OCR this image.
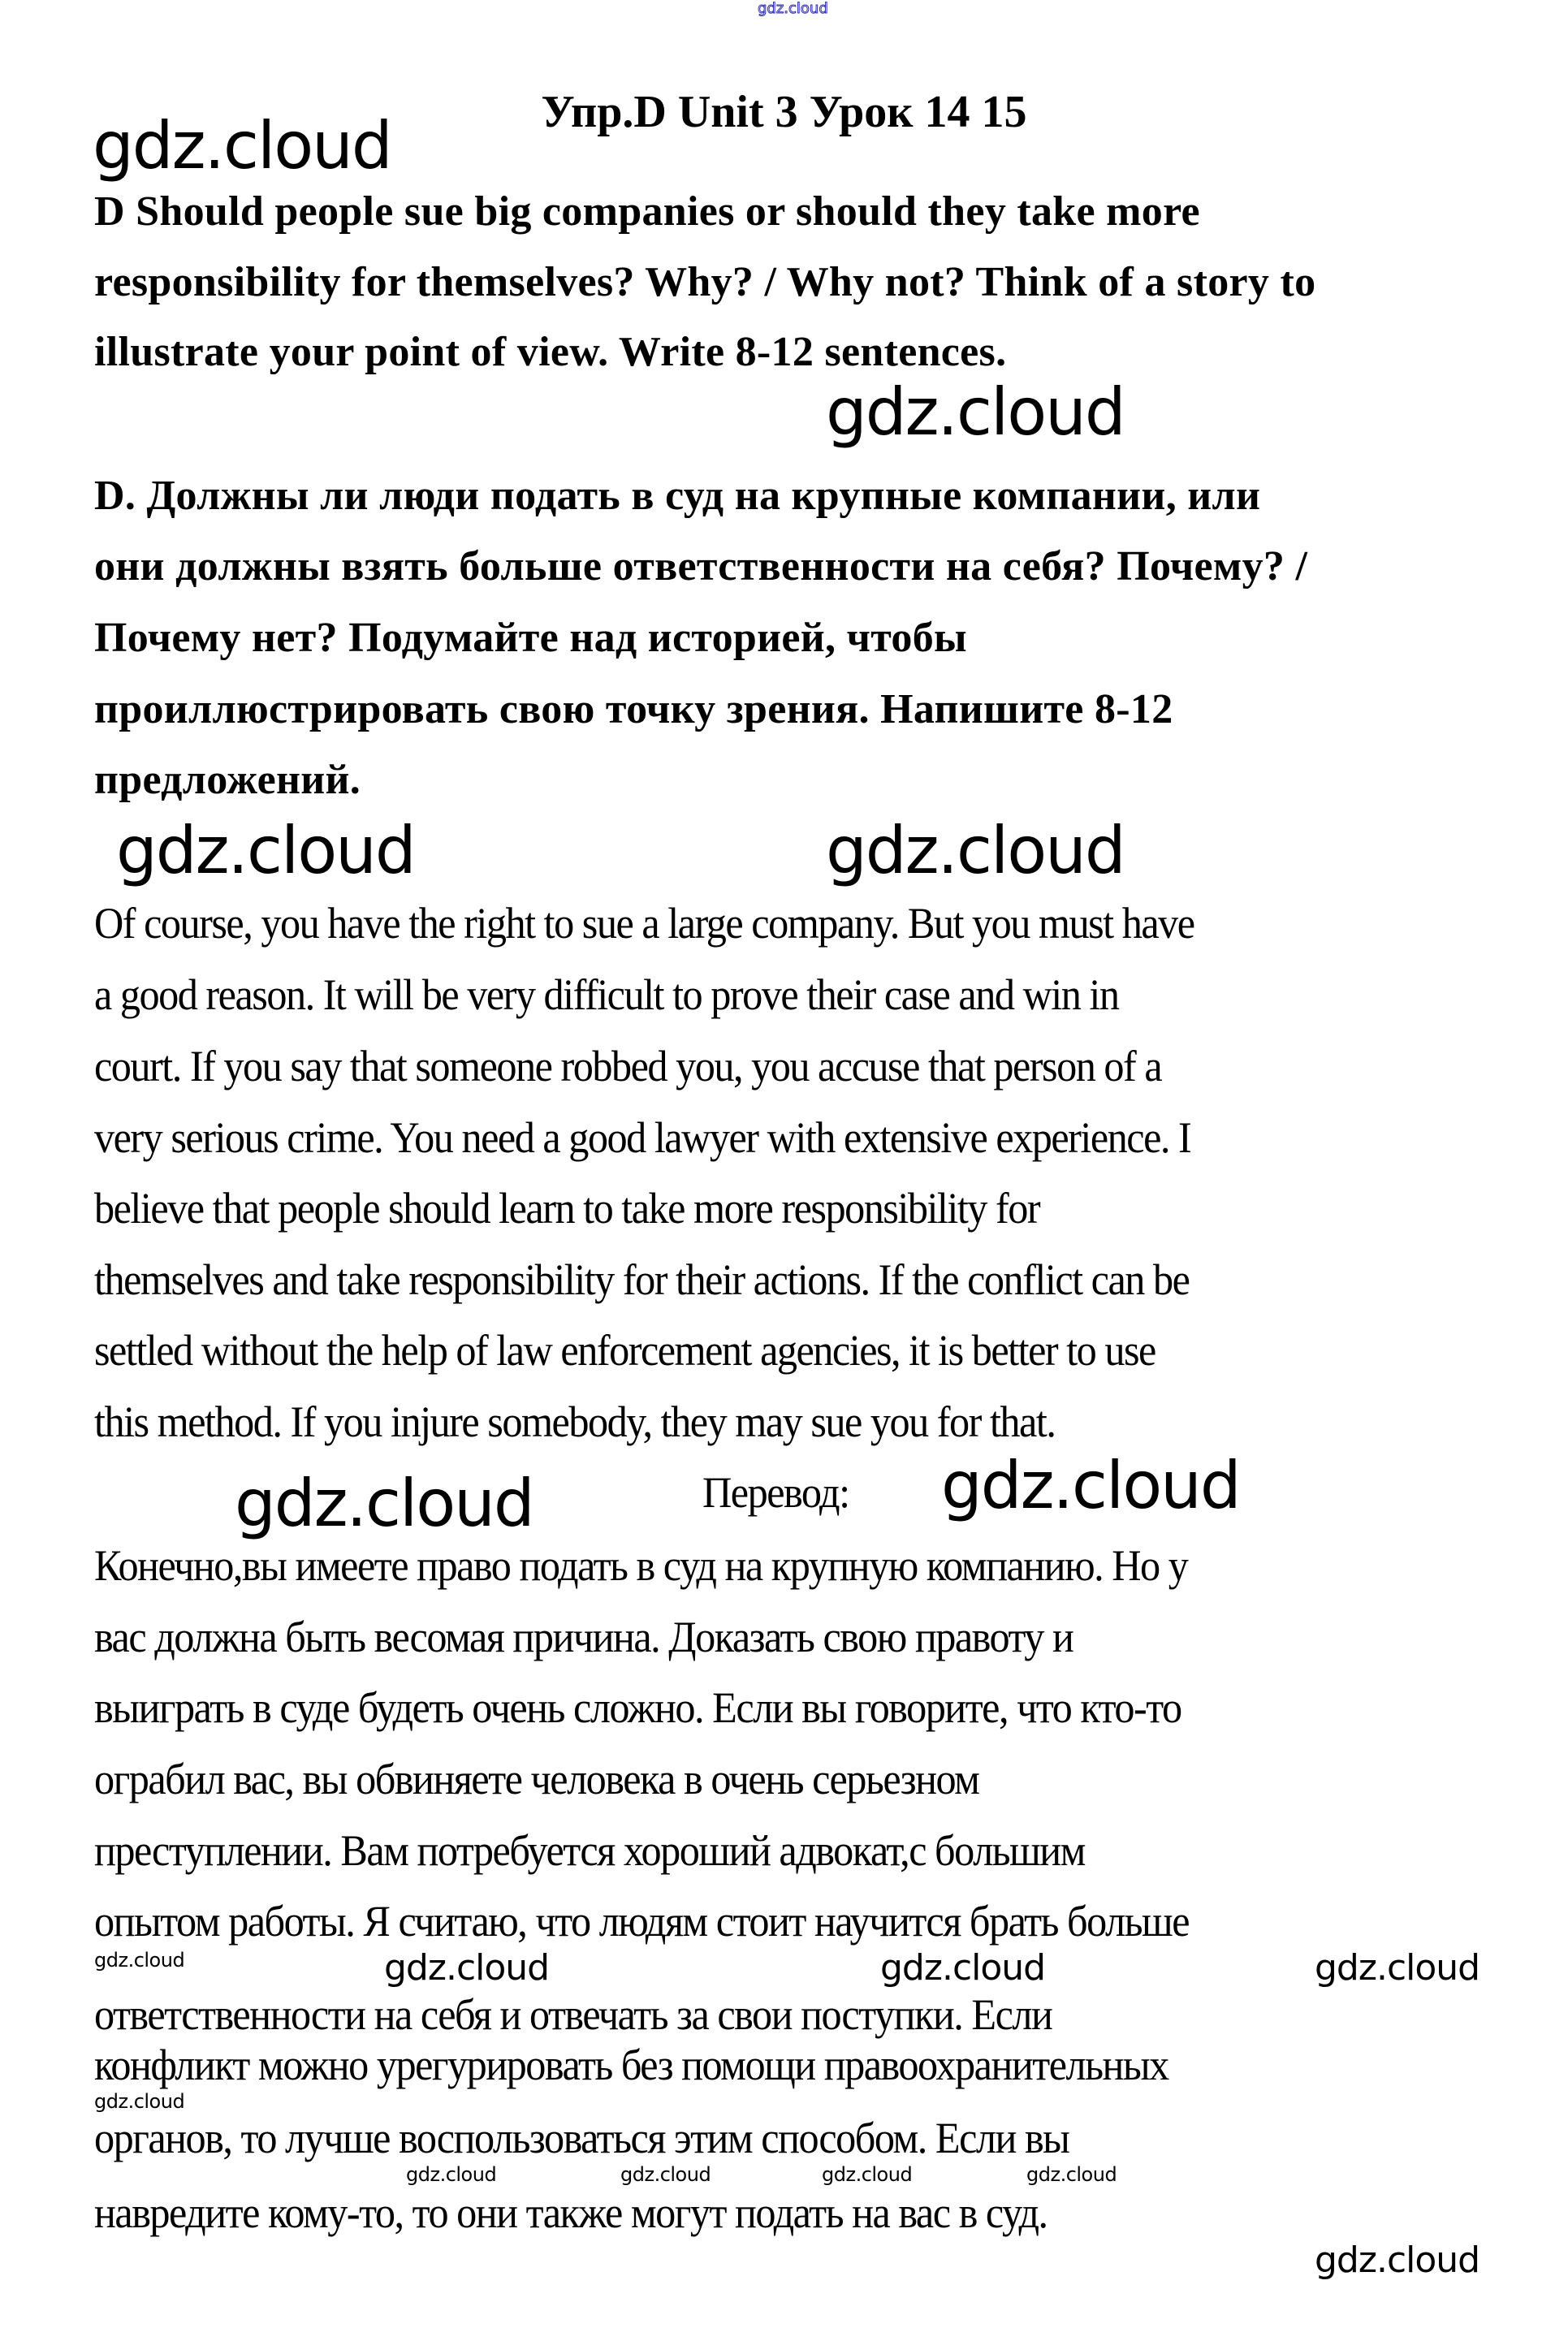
gdz.cloud
Упр.D Unit 3 Урок 14 15
D Should people sue big companies or should they take more
responsibility for themselves? Why? / Why not? Think of a story to
illustrate your point of view. Write 8-12 sentences.
D. Должны ли люди подать в суд на крупные компании, или
они должны взять больше ответственности на себя? Почему? /
Почему нет? Подумайте над историей, чтобы
проиллюстрировать свою точку зрения. Напишите 8-12
предложений.
Of course, you have the right to sue a large company. But you must have
a good reason. It will be very difficult to prove their case and win in
court. If you say that someone robbed you, you accuse that person of a
very serious crime. You need a good lawyer with extensive experience. I
believe that people should learn to take more responsibility for
themselves and take responsibility for their actions. If the conflict can be
settled without the help of law enforcement agencies, it is better to use
this method. If you injure somebody, they may sue you for that.
Перевод:
Конечно,вы имеете право подать в суд на крупную компанию. Но у
вас должна быть весомая причина. Доказать свою правоту и
выиграть в суде будеть очень сложно. Если вы говорите, что кто-то
ограбил вас, вы обвиняете человека в очень серьезном
преступлении. Вам потребуется хороший адвокат,с большим
опытом работы. Я считаю, что людям стоит научится брать больше
ответственности на себя и отвечать за свои поступки. Если
конфликт можно урегурировать без помощи правоохранительных
органов, то лучше воспользоваться этим способом. Если вы
навредите кому-то, то они также могут подать на вас в суд.
gdz.cloud
gdz.cloud
gdz.cloud	gdz.cloud
gdz.cloud	gdz.cloud
gdz.cloud	gdz.cloud	gdz.cloud
gdz.cloud
gdz.cloud
gdz.cloud
gdz.cloud	gdz.cloud	gdz.cloud	gdz.cloud
